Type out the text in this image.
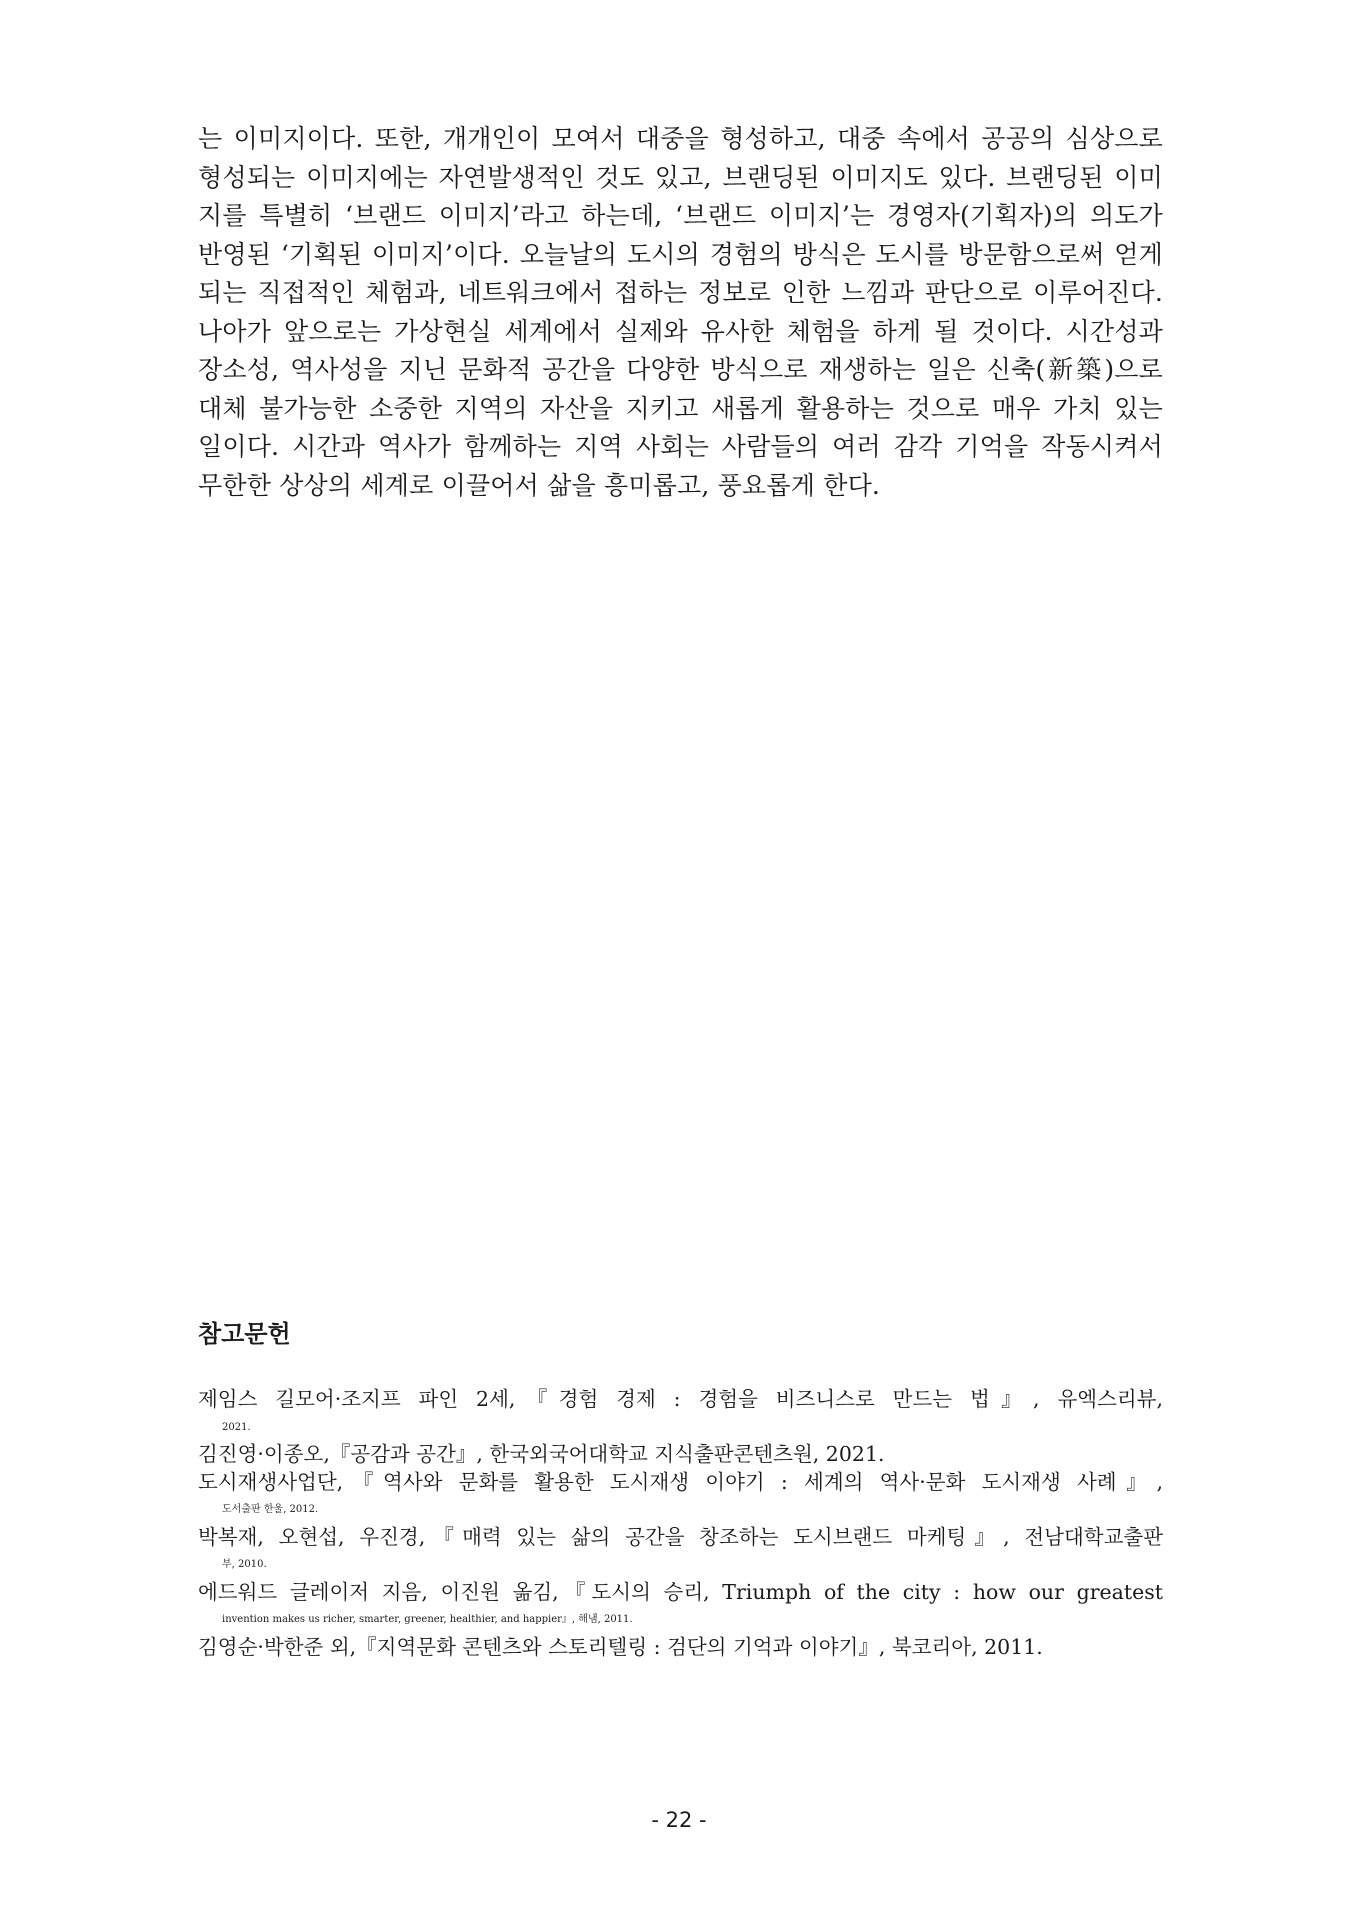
는 이미지이다. 또한, 개개인이 모여서 대중을 형성하고, 대중 속에서 공공의 심상으로
형성되는 이미지에는 자연발생적인 것도 있고, 브랜딩된 이미지도 있다. 브랜딩된 이미
지를 특별히 ‘브랜드 이미지’라고 하는데, ‘브랜드 이미지’는 경영자(기획자)의 의도가
반영된 ‘기획된 이미지’이다. 오늘날의 도시의 경험의 방식은 도시를 방문함으로써 얻게
되는 직접적인 체험과, 네트워크에서 접하는 정보로 인한 느낌과 판단으로 이루어진다.
나아가 앞으로는 가상현실 세계에서 실제와 유사한 체험을 하게 될 것이다. 시간성과
장소성, 역사성을 지닌 문화적 공간을 다양한 방식으로 재생하는 일은 신축(新築)으로
대체 불가능한 소중한 지역의 자산을 지키고 새롭게 활용하는 것으로 매우 가치 있는
일이다. 시간과 역사가 함께하는 지역 사회는 사람들의 여러 감각 기억을 작동시켜서
무한한 상상의 세계로 이끌어서 삶을 흥미롭고, 풍요롭게 한다.
참고문헌
제임스 길모어·조지프 파인 2세,『경험 경제 : 경험을 비즈니스로 만드는 법』, 유엑스리뷰,
2021.
김진영·이종오,『공감과 공간』, 한국외국어대학교 지식출판콘텐츠원, 2021.
도시재생사업단,『역사와 문화를 활용한 도시재생 이야기 : 세계의 역사·문화 도시재생 사례』,
도서출판 한울, 2012.
박복재, 오현섭, 우진경,『매력 있는 삶의 공간을 창조하는 도시브랜드 마케팅』, 전남대학교출판
부, 2010.
에드워드 글레이저 지음, 이진원 옮김,『도시의 승리, Triumph of the city : how our greatest
invention makes us richer, smarter, greener, healthier, and happier』, 해냄, 2011.
김영순·박한준 외,『지역문화 콘텐츠와 스토리텔링 : 검단의 기억과 이야기』, 북코리아, 2011.
- 22 -
